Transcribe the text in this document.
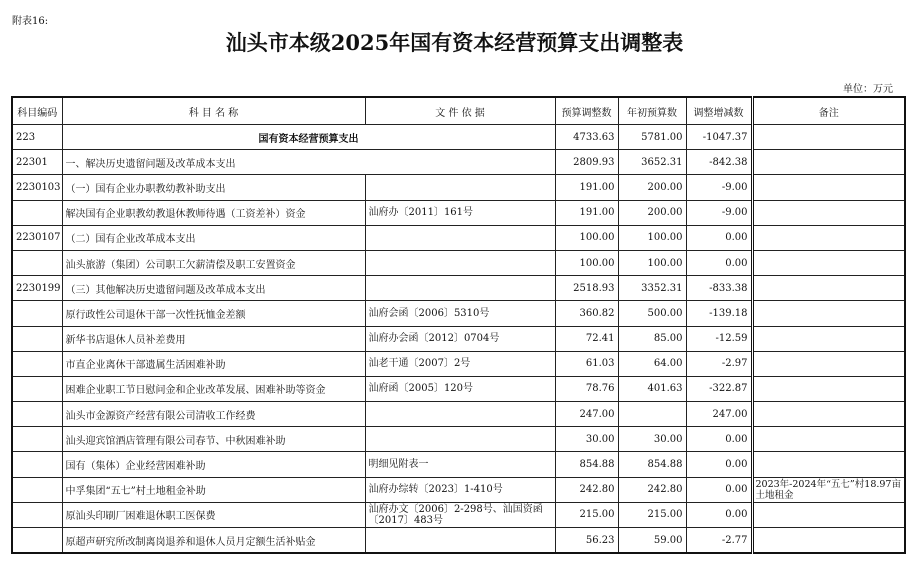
附表16:
汕头市本级2025年国有资本经营预算支出调整表
单位：万元
科目编码	科 目 名 称	文 件 依 据	预算调整数	年初预算数	调整增减数	备注
223	国有资本经营预算支出		4733.63	5781.00	-1047.37	
22301	一、解决历史遗留问题及改革成本支出		2809.93	3652.31	-842.38	
2230103	（一）国有企业办职教幼教补助支出		191.00	200.00	-9.00	
	解决国有企业职教幼教退休教师待遇（工资差补）资金	汕府办〔2011〕161号	191.00	200.00	-9.00	
2230107	（二）国有企业改革成本支出		100.00	100.00	0.00	
	汕头旅游（集团）公司职工欠薪清偿及职工安置资金		100.00	100.00	0.00	
2230199	（三）其他解决历史遗留问题及改革成本支出		2518.93	3352.31	-833.38	
	原行政性公司退休干部一次性抚恤金差额	汕府会函〔2006〕5310号	360.82	500.00	-139.18	
	新华书店退休人员补差费用	汕府办会函〔2012〕0704号	72.41	85.00	-12.59	
	市直企业离休干部遗属生活困难补助	汕老干通〔2007〕2号	61.03	64.00	-2.97	
	困难企业职工节日慰问金和企业改革发展、困难补助等资金	汕府函〔2005〕120号	78.76	401.63	-322.87	
	汕头市金源资产经营有限公司清收工作经费		247.00		247.00	
	汕头迎宾馆酒店管理有限公司春节、中秋困难补助		30.00	30.00	0.00	
	国有（集体）企业经营困难补助	明细见附表一	854.88	854.88	0.00	
	中孚集团“五七”村土地租金补助	汕府办综转〔2023〕1-410号	242.80	242.80	0.00	2023年-2024年“五七”村18.97亩土地租金
	原汕头印刷厂困难退休职工医保费	汕府办文〔2006〕2-298号、汕国资函〔2017〕483号	215.00	215.00	0.00	
	原超声研究所改制离岗退养和退休人员月定额生活补贴金		56.23	59.00	-2.77	
